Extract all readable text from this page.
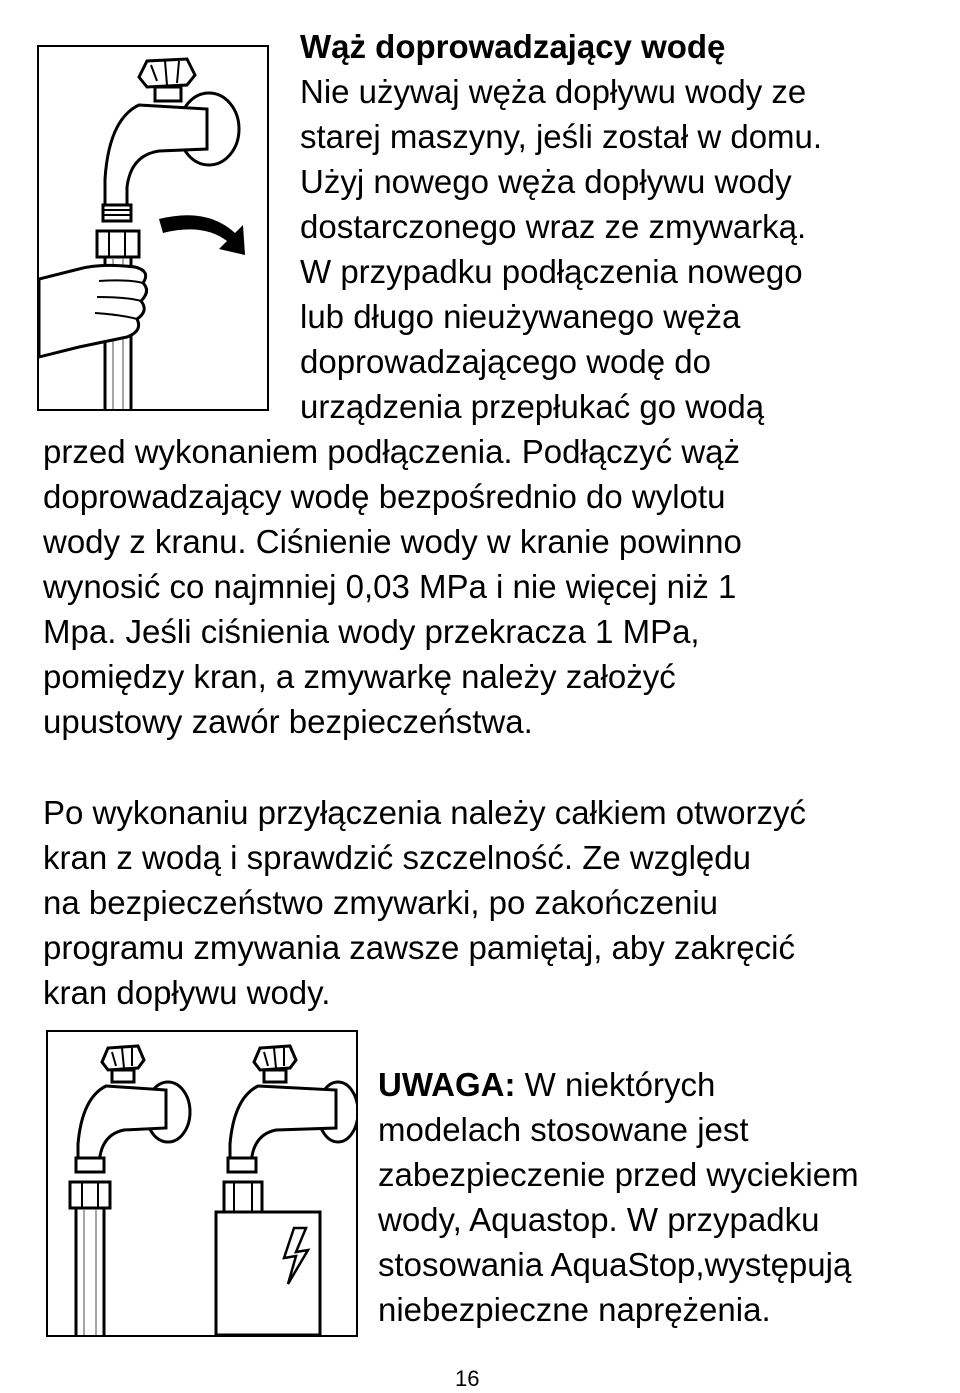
Wąż doprowadzający wodę
Nie używaj węża dopływu wody ze
starej maszyny, jeśli został w domu.
Użyj nowego węża dopływu wody
dostarczonego wraz ze zmywarką.
W przypadku podłączenia nowego
lub długo nieużywanego węża
doprowadzającego wodę do
urządzenia przepłukać go wodą
przed wykonaniem podłączenia. Podłączyć wąż
doprowadzający wodę bezpośrednio do wylotu
wody z kranu. Ciśnienie wody w kranie powinno
wynosić co najmniej 0,03 MPa i nie więcej niż 1
Mpa. Jeśli ciśnienia wody przekracza 1 MPa,
pomiędzy kran, a zmywarkę należy założyć
upustowy zawór bezpieczeństwa.
Po wykonaniu przyłączenia należy całkiem otworzyć
kran z wodą i sprawdzić szczelność. Ze względu
na bezpieczeństwo zmywarki, po zakończeniu
programu zmywania zawsze pamiętaj, aby zakręcić
kran dopływu wody.
UWAGA: W niektórych
modelach stosowane jest
zabezpieczenie przed wyciekiem
wody, Aquastop. W przypadku
stosowania AquaStop,występują
niebezpieczne naprężenia.
16
